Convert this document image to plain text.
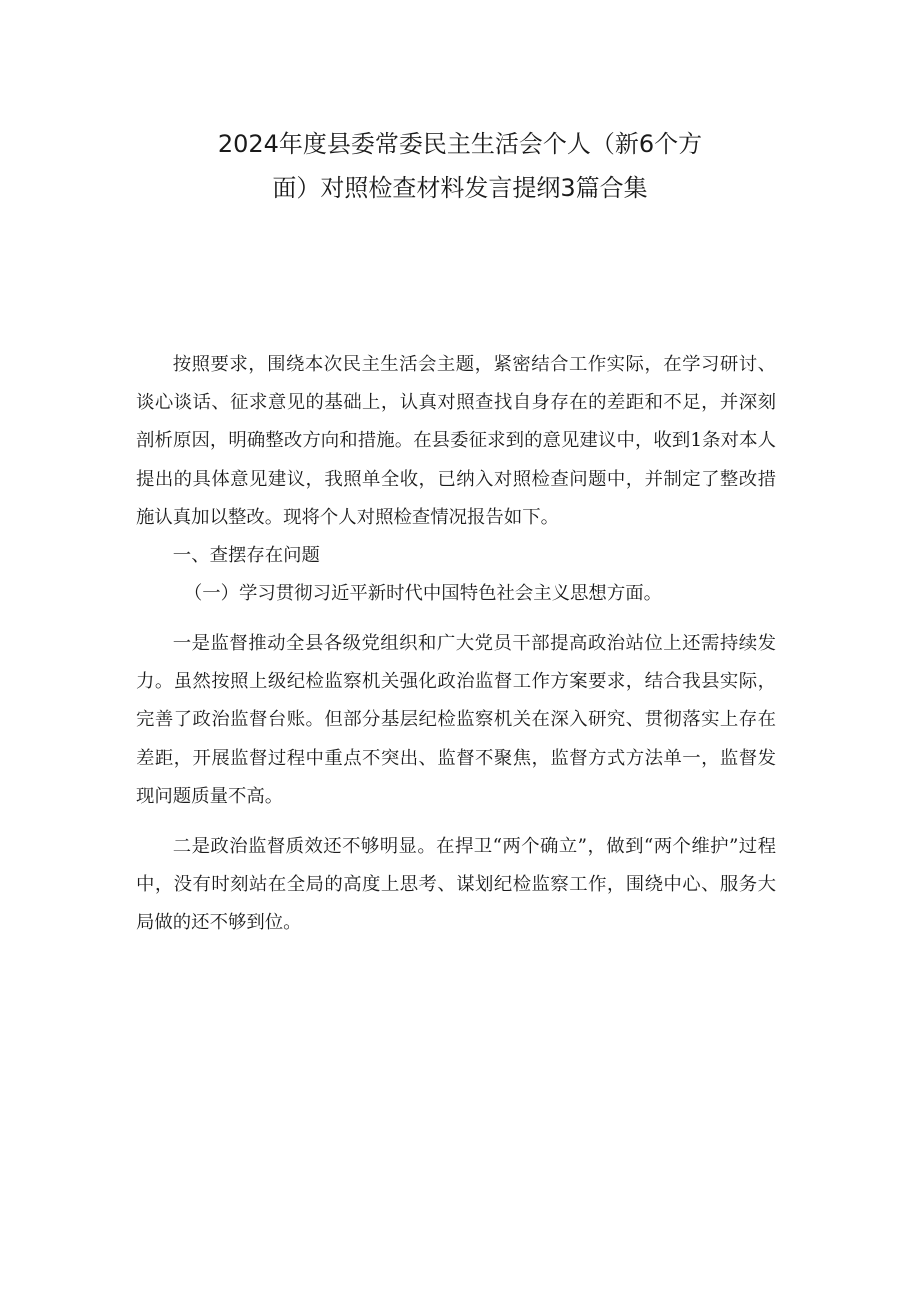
2024年度县委常委民主生活会个人（新6个方
面）对照检查材料发言提纲3篇合集

按照要求，围绕本次民主生活会主题，紧密结合工作实际，在学习研讨、谈心谈话、征求意见的基础上，认真对照查找自身存在的差距和不足，并深刻剖析原因，明确整改方向和措施。在县委征求到的意见建议中，收到1条对本人提出的具体意见建议，我照单全收，已纳入对照检查问题中，并制定了整改措施认真加以整改。现将个人对照检查情况报告如下。

一、查摆存在问题

（一）学习贯彻习近平新时代中国特色社会主义思想方面。

一是监督推动全县各级党组织和广大党员干部提高政治站位上还需持续发力。虽然按照上级纪检监察机关强化政治监督工作方案要求，结合我县实际，完善了政治监督台账。但部分基层纪检监察机关在深入研究、贯彻落实上存在差距，开展监督过程中重点不突出、监督不聚焦，监督方式方法单一，监督发现问题质量不高。

二是政治监督质效还不够明显。在捍卫“两个确立”，做到“两个维护”过程中，没有时刻站在全局的高度上思考、谋划纪检监察工作，围绕中心、服务大局做的还不够到位。
